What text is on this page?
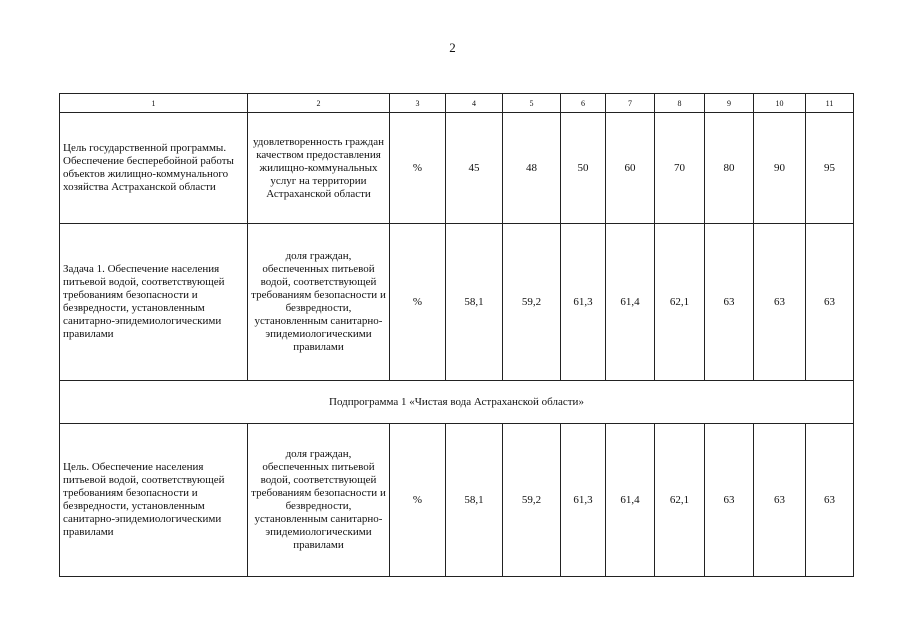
2
1	2	3	4	5	6	7	8	9	10	11
Цель государственной программы. Обеспечение бесперебойной работы объектов жилищно-коммунального хозяйства Астраханской области	удовлетворенность граждан качеством предоставления жилищно-коммунальных услуг на территории Астраханской области	%	45	48	50	60	70	80	90	95
Задача 1. Обеспечение населения питьевой водой, соответствующей требованиям безопасности и безвредности, установленным санитарно-эпидемиологическими правилами	доля граждан, обеспеченных питьевой водой, соответствующей требованиям безопасности и безвредности, установленным санитарно- эпидемиологическими правилами	%	58,1	59,2	61,3	61,4	62,1	63	63	63
Подпрограмма 1 «Чистая вода Астраханской области»										
Цель. Обеспечение населения питьевой водой, соответствующей требованиям безопасности и безвредности, установленным санитарно-эпидемиологическими правилами	доля граждан, обеспеченных питьевой водой, соответствующей требованиям безопасности и безвредности, установленным санитарно-эпидемиологическими правилами	%	58,1	59,2	61,3	61,4	62,1	63	63	63
